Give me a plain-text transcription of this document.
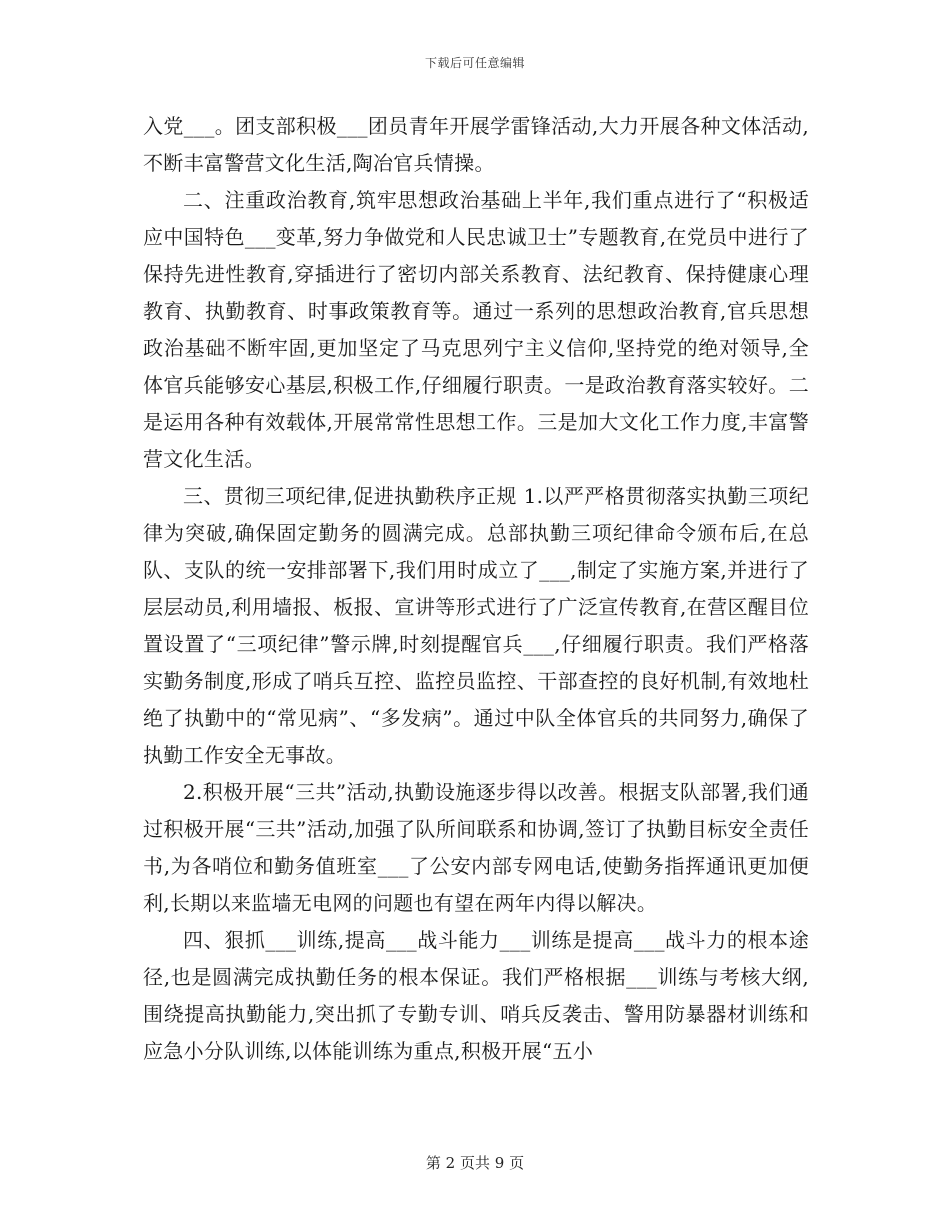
下载后可任意编辑

入党___。团支部积极___团员青年开展学雷锋活动,大力开展各种文体活动,不断丰富警营文化生活,陶冶官兵情操。

二、注重政治教育,筑牢思想政治基础上半年,我们重点进行了“积极适应中国特色___变革,努力争做党和人民忠诚卫士”专题教育,在党员中进行了保持先进性教育,穿插进行了密切内部关系教育、法纪教育、保持健康心理教育、执勤教育、时事政策教育等。通过一系列的思想政治教育,官兵思想政治基础不断牢固,更加坚定了马克思列宁主义信仰,坚持党的绝对领导,全体官兵能够安心基层,积极工作,仔细履行职责。一是政治教育落实较好。二是运用各种有效载体,开展常常性思想工作。三是加大文化工作力度,丰富警营文化生活。

三、贯彻三项纪律,促进执勤秩序正规 1.以严严格贯彻落实执勤三项纪律为突破,确保固定勤务的圆满完成。总部执勤三项纪律命令颁布后,在总队、支队的统一安排部署下,我们用时成立了___,制定了实施方案,并进行了层层动员,利用墙报、板报、宣讲等形式进行了广泛宣传教育,在营区醒目位置设置了“三项纪律”警示牌,时刻提醒官兵___,仔细履行职责。我们严格落实勤务制度,形成了哨兵互控、监控员监控、干部查控的良好机制,有效地杜绝了执勤中的“常见病”、“多发病”。通过中队全体官兵的共同努力,确保了执勤工作安全无事故。

2.积极开展“三共”活动,执勤设施逐步得以改善。根据支队部署,我们通过积极开展“三共”活动,加强了队所间联系和协调,签订了执勤目标安全责任书,为各哨位和勤务值班室___了公安内部专网电话,使勤务指挥通讯更加便利,长期以来监墙无电网的问题也有望在两年内得以解决。

四、狠抓___训练,提高___战斗能力___训练是提高___战斗力的根本途径,也是圆满完成执勤任务的根本保证。我们严格根据___训练与考核大纲,围绕提高执勤能力,突出抓了专勤专训、哨兵反袭击、警用防暴器材训练和应急小分队训练,以体能训练为重点,积极开展“五小

第 2 页共 9 页
